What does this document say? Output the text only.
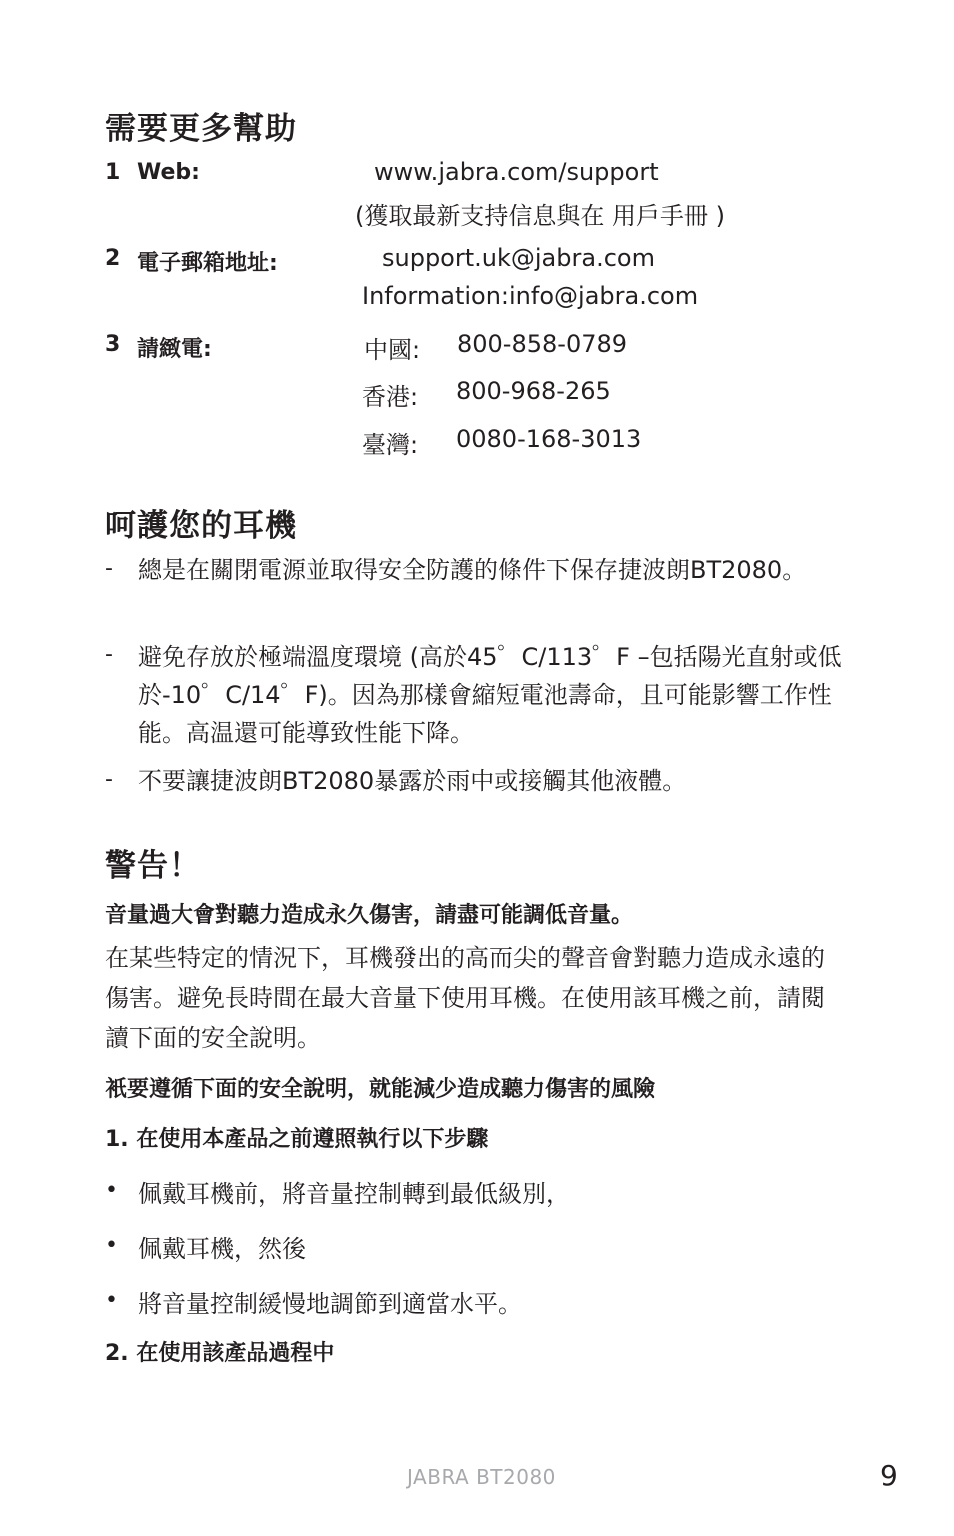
需要更多幫助
1 Web:	www.jabra.com/support
(獲取最新支持信息與在 用戶手冊 )
2 電子郵箱地址:	support.uk@jabra.com
Information:info@jabra.com
3 請緻電:	中國: 800-858-0789
香港: 800-968-265
臺灣: 0080-168-3013
呵護您的耳機
- 總是在關閉電源並取得安全防護的條件下保存捷波朗BT2080。
- 避免存放於極端溫度環境 (高於45゜C/113゜F –包括陽光直射或低於-10゜C/14゜F)。因為那樣會縮短電池壽命，且可能影響工作性能。高温還可能導致性能下降。
- 不要讓捷波朗BT2080暴露於雨中或接觸其他液體。
警告！
音量過大會對聽力造成永久傷害，請盡可能調低音量。
在某些特定的情況下，耳機發出的高而尖的聲音會對聽力造成永遠的傷害。避免長時間在最大音量下使用耳機。在使用該耳機之前，請閱讀下面的安全說明。
衹要遵循下面的安全說明，就能減少造成聽力傷害的風險
1. 在使用本產品之前遵照執行以下步驟
• 佩戴耳機前，將音量控制轉到最低級別，
• 佩戴耳機，然後
• 將音量控制緩慢地調節到適當水平。
2. 在使用該產品過程中
JABRA BT2080	9
